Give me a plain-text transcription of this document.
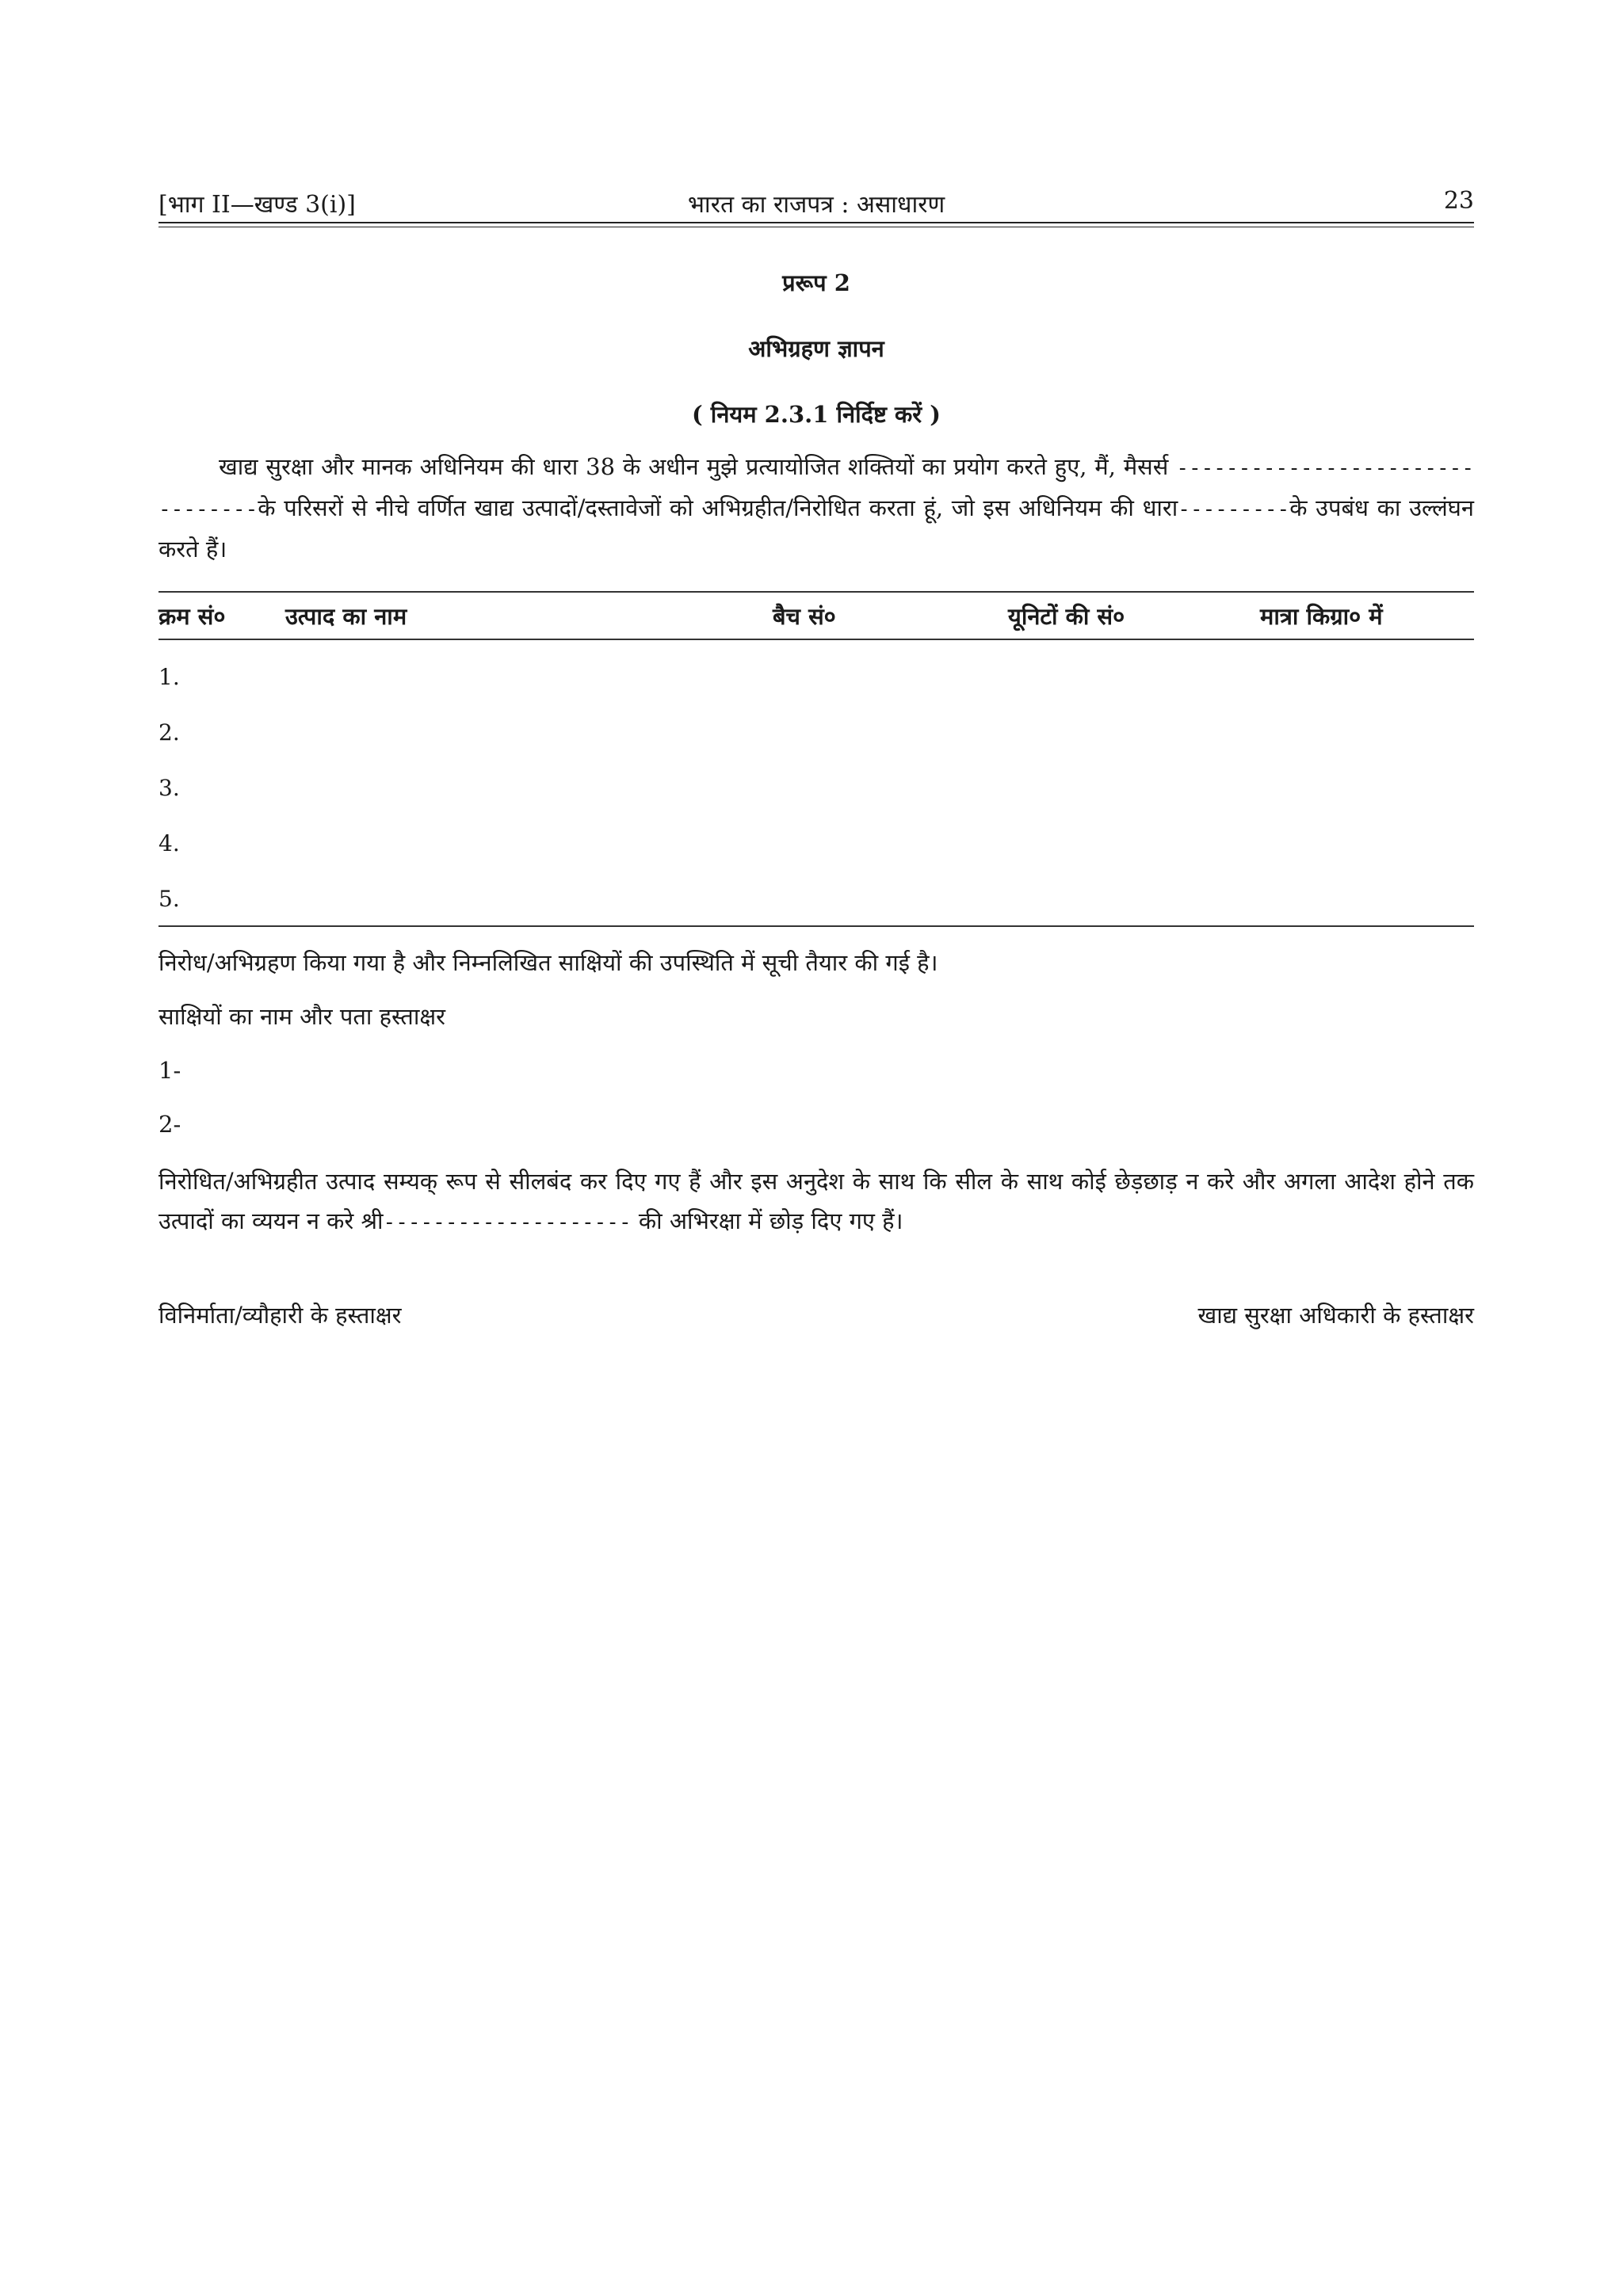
[भाग II—खण्ड 3(i)]	भारत का राजपत्र : असाधारण	23
प्ररूप 2
अभिग्रहण ज्ञापन
( नियम 2.3.1 निर्दिष्ट करें )
खाद्य सुरक्षा और मानक अधिनियम की धारा 38 के अधीन मुझे प्रत्यायोजित शक्तियों का प्रयोग करते हुए, मैं, मैसर्स --------------------------------के परिसरों से नीचे वर्णित खाद्य उत्पादों/दस्तावेजों को अभिग्रहीत/निरोधित करता हूं, जो इस अधिनियम की धारा---------के उपबंध का उल्लंघन करते हैं।
क्रम सं०	उत्पाद का नाम	बैच सं०	यूनिटों की सं०	मात्रा किग्रा० में
1.
2.
3.
4.
5.
निरोध/अभिग्रहण किया गया है और निम्नलिखित साक्षियों की उपस्थिति में सूची तैयार की गई है।
साक्षियों का नाम और पता हस्ताक्षर
1-
2-
निरोधित/अभिग्रहीत उत्पाद सम्यक् रूप से सीलबंद कर दिए गए हैं और इस अनुदेश के साथ कि सील के साथ कोई छेड़छाड़ न करे और अगला आदेश होने तक उत्पादों का व्ययन न करे श्री-------------------- की अभिरक्षा में छोड़ दिए गए हैं।
विनिर्माता/व्यौहारी के हस्ताक्षर	खाद्य सुरक्षा अधिकारी के हस्ताक्षर
